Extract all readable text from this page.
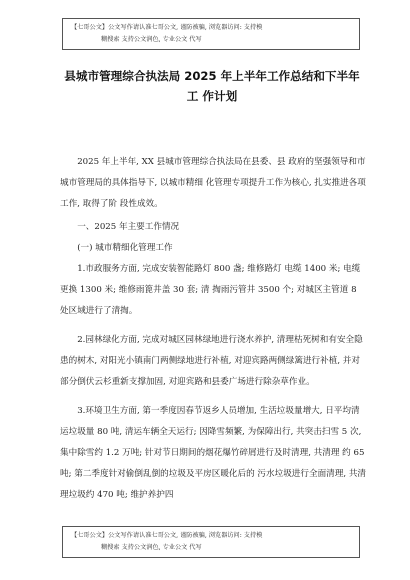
【七哥公文】公文写作请认准七哥公文, 谨防被骗, 浏览器访问: 支持模
糊搜索 支持公文润色, 专业公文 代写
县城市管理综合执法局 2025 年上半年工作总结和下半年
工 作计划

2025 年上半年, XX 县城市管理综合执法局在县委、县 政府的坚强领导和市城市管理局的具体指导下, 以城市精细 化管理专项提升工作为核心, 扎实推进各项工作, 取得了阶 段性成效。

一、2025 年主要工作情况

(一) 城市精细化管理工作

1.市政服务方面, 完成安装智能路灯 800 盏; 维修路灯 电缆 1400 米; 电缆更换 1300 米; 维修雨篦井盖 30 套; 清 掏雨污管井 3500 个; 对城区主管道 8 处区域进行了清掏。

2.园林绿化方面, 完成对城区园林绿地进行浇水养护, 清理枯死树和有安全隐患的树木, 对阳光小镇南门两侧绿地进行补植, 对迎宾路两侧绿篱进行补植, 并对部分倒伏云杉重新支撑加固, 对迎宾路和县委广场进行除杂草作业。

3.环境卫生方面, 第一季度因春节返乡人员增加, 生活垃圾量增大, 日平均清运垃圾量 80 吨, 清运车辆全天运行; 因降雪频繁, 为保障出行, 共突击扫雪 5 次, 集中除雪约 1.2 万吨; 针对节日期间的烟花爆竹碎屑进行及时清理, 共清理 约 65 吨; 第二季度针对偷倒乱倒的垃圾及平房区暖化后的 污水垃圾进行全面清理, 共清理垃圾约 470 吨; 维护养护四

【七哥公文】公文写作请认准七哥公文, 谨防被骗, 浏览器访问: 支持模
糊搜索 支持公文润色, 专业公文 代写
